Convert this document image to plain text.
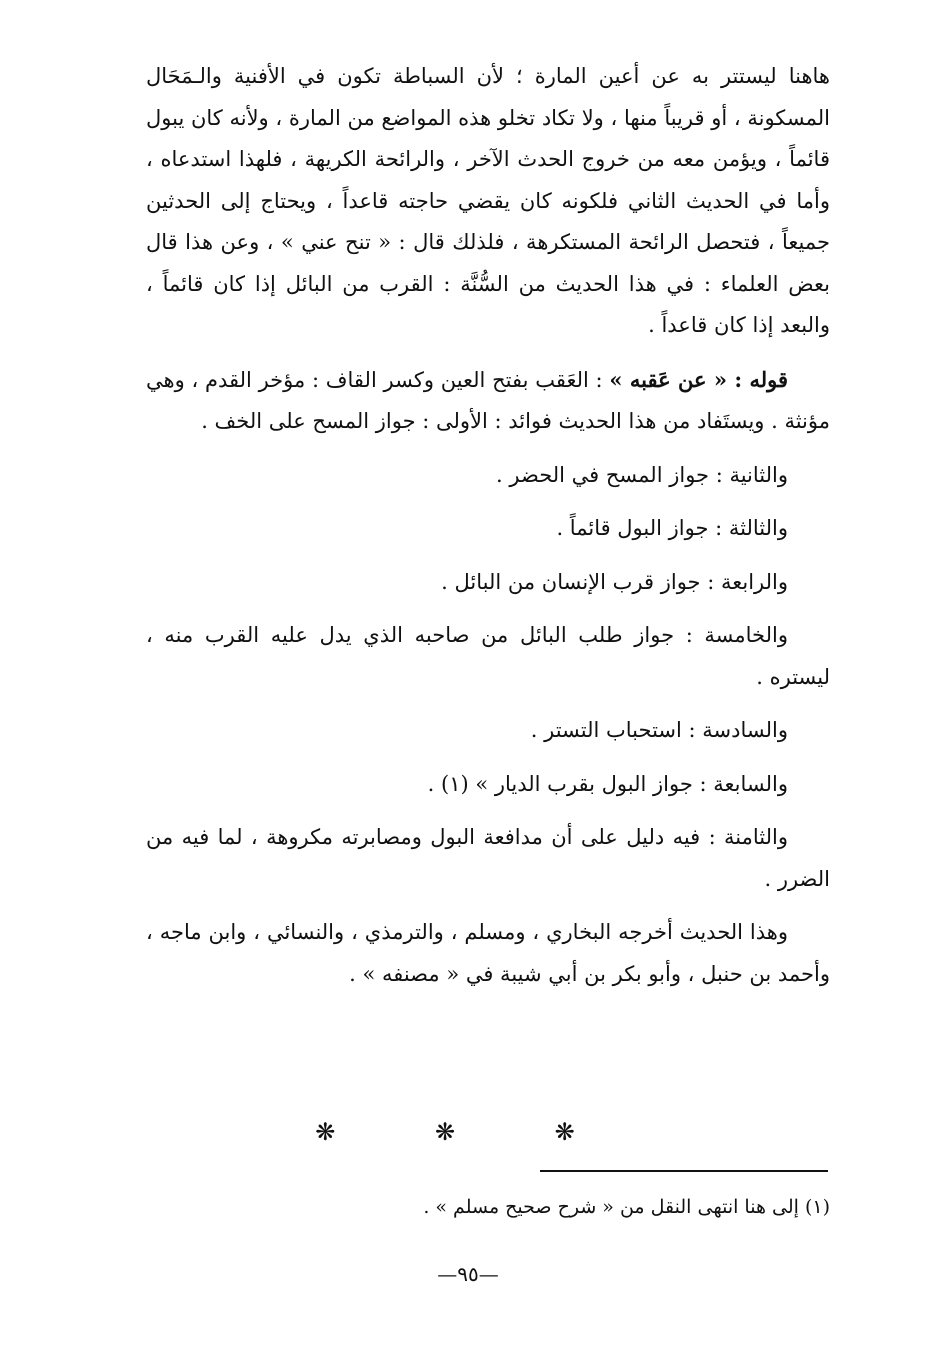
هاهنا ليستتر به عن أعين المارة ؛ لأن السباطة تكون في الأفنية والـمَحَال المسكونة ، أو قريباً منها ، ولا تكاد تخلو هذه المواضع من المارة ، ولأنه كان يبول قائماً ، ويؤمن معه من خروج الحدث الآخر ، والرائحة الكريهة ، فلهذا استدعاه ، وأما في الحديث الثاني فلكونه كان يقضي حاجته قاعداً ، ويحتاج إلى الحدثين جميعاً ، فتحصل الرائحة المستكرهة ، فلذلك قال : « تنح عني » ، وعن هذا قال بعض العلماء : في هذا الحديث من السُّنَّة : القرب من البائل إذا كان قائماً ، والبعد إذا كان قاعداً .

قوله : « عن عَقبه » : العَقب بفتح العين وكسر القاف : مؤخر القدم ، وهي مؤنثة . ويستَفاد من هذا الحديث فوائد : الأولى : جواز المسح على الخف .

والثانية : جواز المسح في الحضر .

والثالثة : جواز البول قائماً .

والرابعة : جواز قرب الإنسان من البائل .

والخامسة : جواز طلب البائل من صاحبه الذي يدل عليه القرب منه ، ليستره .

والسادسة : استحباب التستر .

والسابعة : جواز البول بقرب الديار » (١) .

والثامنة : فيه دليل على أن مدافعة البول ومصابرته مكروهة ، لما فيه من الضرر .

وهذا الحديث أخرجه البخاري ، ومسلم ، والترمذي ، والنسائي ، وابن ماجه ، وأحمد بن حنبل ، وأبو بكر بن أبي شيبة في « مصنفه » .

❋ ❋ ❋
(١) إلى هنا انتهى النقل من « شرح صحيح مسلم » .
—٩٥—
